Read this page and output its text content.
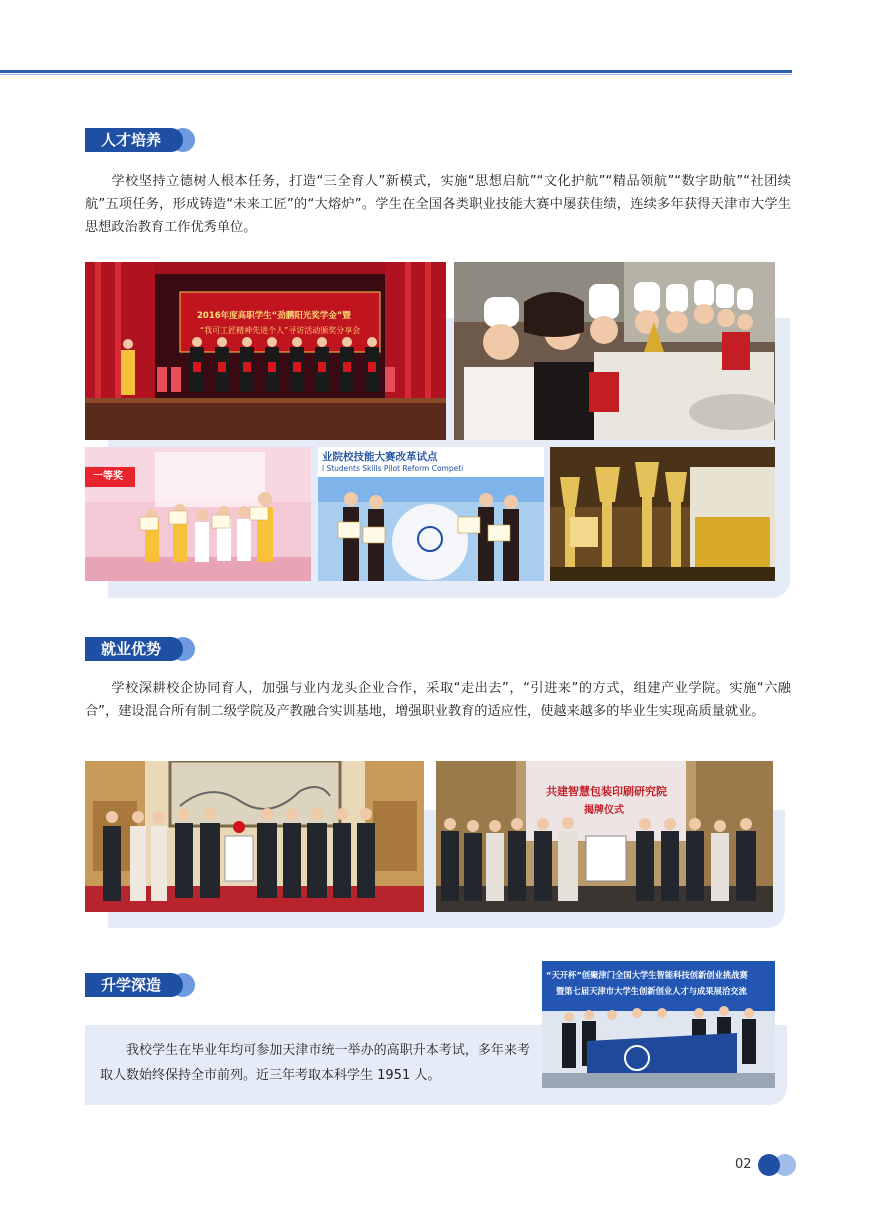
人才培养
学校坚持立德树人根本任务，打造“三全育人”新模式，实施“思想启航”“文化护航”“精品领航”“数字助航”“社团续航”五项任务，形成铸造“未来工匠”的“大熔炉”。学生在全国各类职业技能大赛中屡获佳绩，连续多年获得天津市大学生思想政治教育工作优秀单位。
2016年度高职学生“劲鹏阳光奖学金”暨
“我可工匠精神先进个人”寻访活动颁奖分享会
一等奖
业院校技能大赛改革试点
l Students Skills Pilot Reform Competi
就业优势
学校深耕校企协同育人，加强与业内龙头企业合作，采取“走出去”，“引进来”的方式，组建产业学院。实施“六融合”，建设混合所有制二级学院及产教融合实训基地，增强职业教育的适应性，使越来越多的毕业生实现高质量就业。
共建智慧包装印刷研究院
揭牌仪式
升学深造
我校学生在毕业年均可参加天津市统一举办的高职升本考试，多年来考取人数始终保持全市前列。近三年考取本科学生 1951 人。
“天开杯”创聚津门全国大学生智能科技创新创业挑战赛
暨第七届天津市大学生创新创业人才与成果展洽交流
02
